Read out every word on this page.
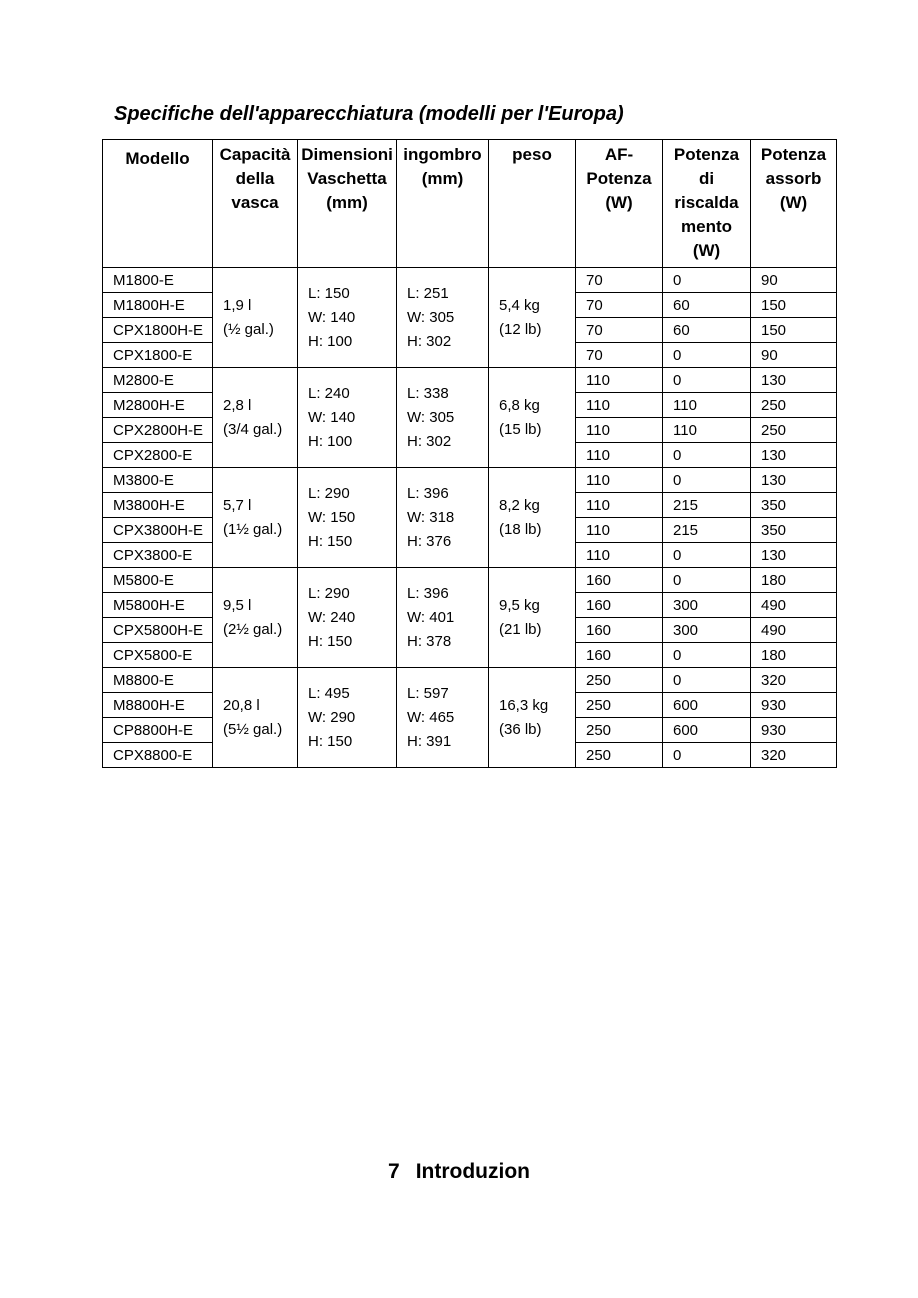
Specifiche dell'apparecchiatura (modelli per l'Europa)
Modello	Capacità
della
vasca	Dimensioni
Vaschetta
(mm)	ingombro
(mm)	peso	AF-
Potenza
(W)	Potenza
di
riscalda
mento
(W)	Potenza
assorb
(W)
M1800-E	1,9 l
(½ gal.)	L: 150
W: 140
H: 100	L: 251
W: 305
H: 302	5,4 kg
(12 lb)	70	0	90
M1800H-E					70	60	150
CPX1800H-E					70	60	150
CPX1800-E					70	0	90
M2800-E	2,8 l
(3/4 gal.)	L: 240
W: 140
H: 100	L: 338
W: 305
H: 302	6,8 kg
(15 lb)	110	0	130
M2800H-E					110	110	250
CPX2800H-E					110	110	250
CPX2800-E					110	0	130
M3800-E	5,7 l
(1½ gal.)	L: 290
W: 150
H: 150	L: 396
W: 318
H: 376	8,2 kg
(18 lb)	110	0	130
M3800H-E					110	215	350
CPX3800H-E					110	215	350
CPX3800-E					110	0	130
M5800-E	9,5 l
(2½ gal.)	L: 290
W: 240
H: 150	L: 396
W: 401
H: 378	9,5 kg
(21 lb)	160	0	180
M5800H-E					160	300	490
CPX5800H-E					160	300	490
CPX5800-E					160	0	180
M8800-E	20,8 l
(5½ gal.)	L: 495
W: 290
H: 150	L: 597
W: 465
H: 391	16,3 kg
(36 lb)	250	0	320
M8800H-E					250	600	930
CP8800H-E					250	600	930
CPX8800-E					250	0	320
7 Introduzion
